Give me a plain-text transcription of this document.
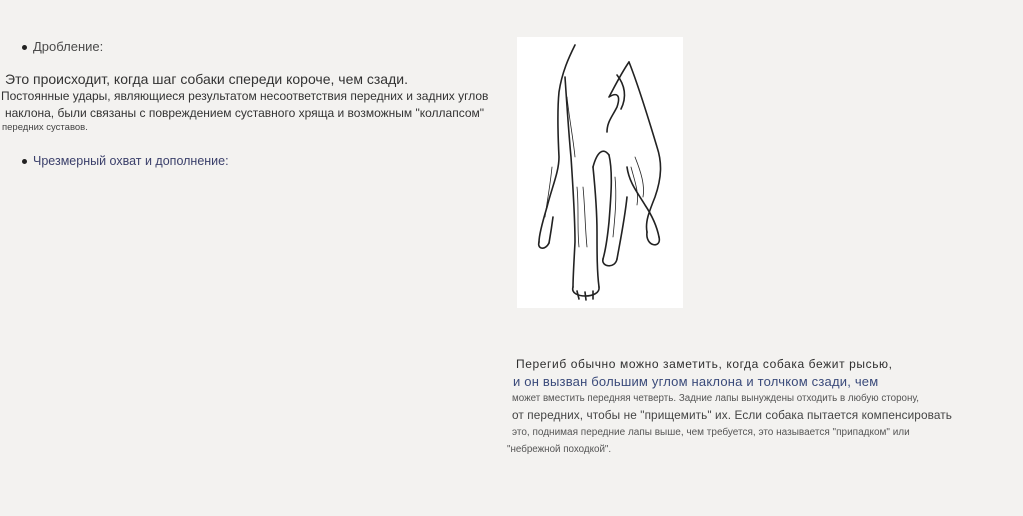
Дробление:
Это происходит, когда шаг собаки спереди короче, чем сзади.
Постоянные удары, являющиеся результатом несоответствия передних и задних углов
наклона, были связаны с повреждением суставного хряща и возможным "коллапсом"
передних суставов.
Чрезмерный охват и дополнение:
Перегиб обычно можно заметить, когда собака бежит рысью,
и он вызван большим углом наклона и толчком сзади, чем
может вместить передняя четверть. Задние лапы вынуждены отходить в любую сторону,
от передних, чтобы не "прищемить" их. Если собака пытается компенсировать
это, поднимая передние лапы выше, чем требуется, это называется "припадком" или
"небрежной походкой".
